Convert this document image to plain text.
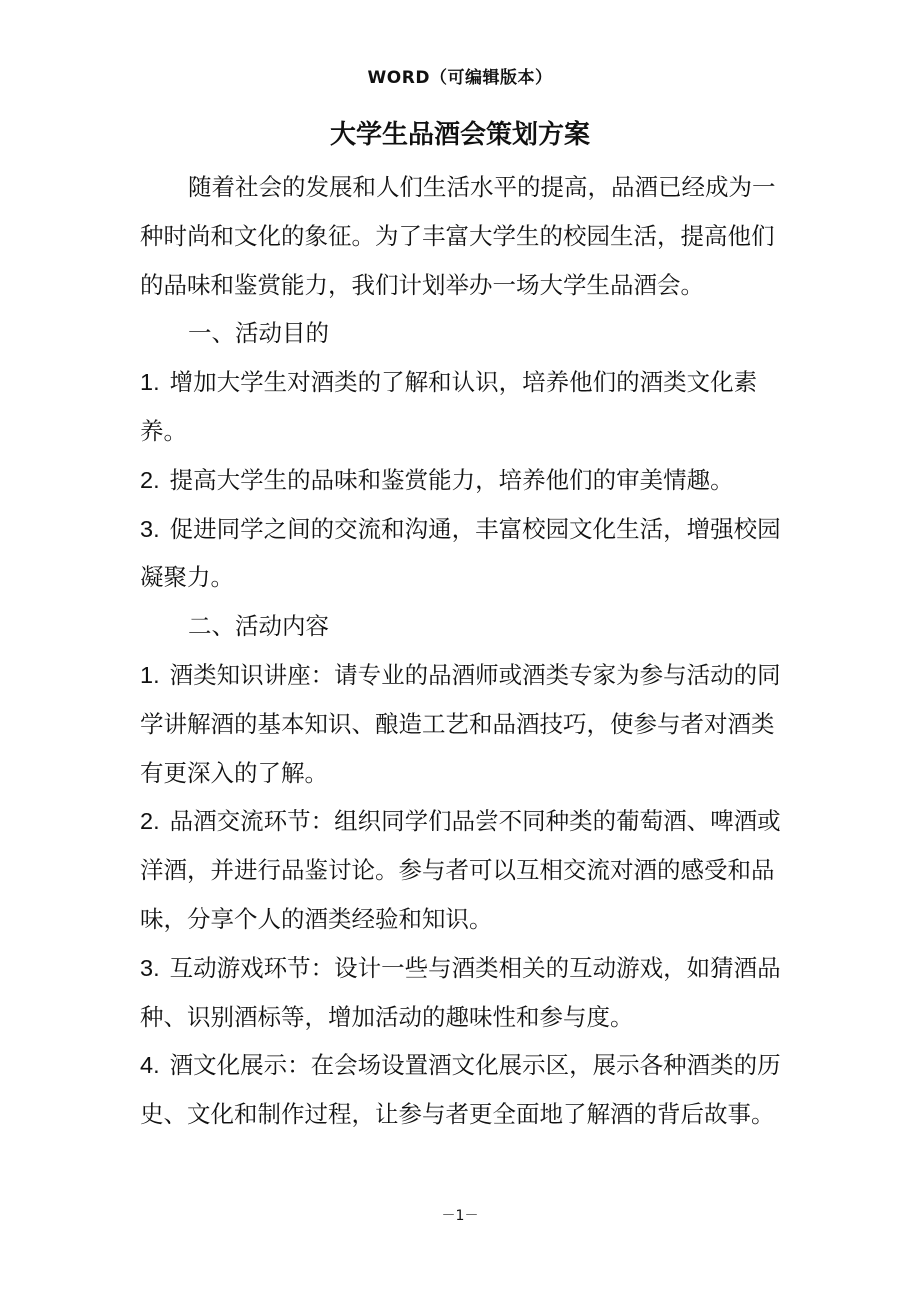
WORD（可编辑版本）
大学生品酒会策划方案

随着社会的发展和人们生活水平的提高，品酒已经成为一种时尚和文化的象征。为了丰富大学生的校园生活，提高他们的品味和鉴赏能力，我们计划举办一场大学生品酒会。

一、活动目的

1. 增加大学生对酒类的了解和认识，培养他们的酒类文化素养。

2. 提高大学生的品味和鉴赏能力，培养他们的审美情趣。

3. 促进同学之间的交流和沟通，丰富校园文化生活，增强校园凝聚力。

二、活动内容

1. 酒类知识讲座：请专业的品酒师或酒类专家为参与活动的同学讲解酒的基本知识、酿造工艺和品酒技巧，使参与者对酒类有更深入的了解。

2. 品酒交流环节：组织同学们品尝不同种类的葡萄酒、啤酒或洋酒，并进行品鉴讨论。参与者可以互相交流对酒的感受和品味，分享个人的酒类经验和知识。

3. 互动游戏环节：设计一些与酒类相关的互动游戏，如猜酒品种、识别酒标等，增加活动的趣味性和参与度。

4. 酒文化展示：在会场设置酒文化展示区，展示各种酒类的历史、文化和制作过程，让参与者更全面地了解酒的背后故事。

－1－
